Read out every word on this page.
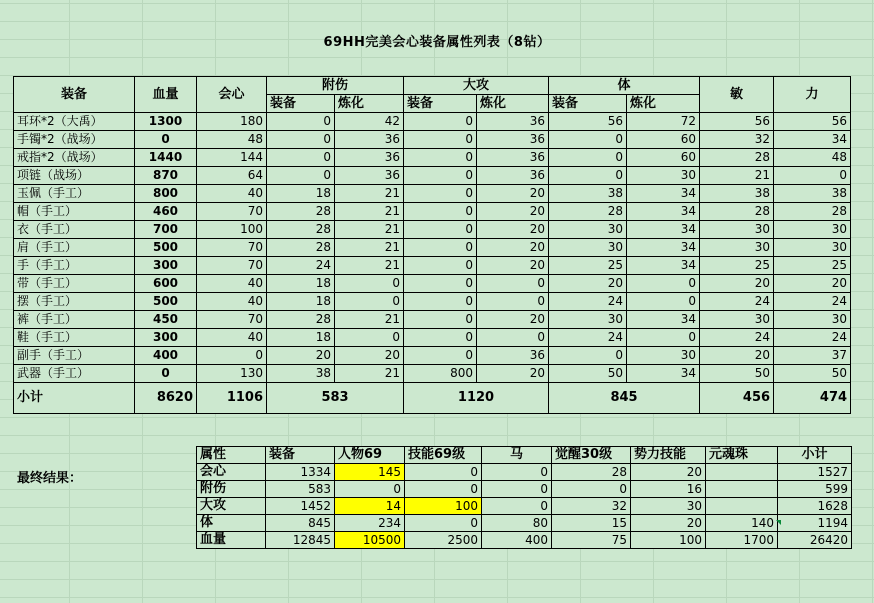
69HH完美会心装备属性列表（8钻）
装备	血量	会心	附伤		大攻		体		敏	力
			装备	炼化	装备	炼化	装备	炼化		
耳环*2（大禹）	1300	180	0	42	0	36	56	72	56	56
手镯*2（战场）	0	48	0	36	0	36	0	60	32	34
戒指*2（战场）	1440	144	0	36	0	36	0	60	28	48
项链（战场）	870	64	0	36	0	36	0	30	21	0
玉佩（手工）	800	40	18	21	0	20	38	34	38	38
帽（手工）	460	70	28	21	0	20	28	34	28	28
衣（手工）	700	100	28	21	0	20	30	34	30	30
肩（手工）	500	70	28	21	0	20	30	34	30	30
手（手工）	300	70	24	21	0	20	25	34	25	25
带（手工）	600	40	18	0	0	0	20	0	20	20
摆（手工）	500	40	18	0	0	0	24	0	24	24
裤（手工）	450	70	28	21	0	20	30	34	30	30
鞋（手工）	300	40	18	0	0	0	24	0	24	24
副手（手工）	400	0	20	20	0	36	0	30	20	37
武器（手工）	0	130	38	21	800	20	50	34	50	50
小计	8620	1106	583		1120		845		456	474
最终结果：
属性	装备	人物69	技能69级	马	觉醒30级	势力技能	元魂珠	小计
会心	1334	145	0	0	28	20		1527
附伤	583	0	0	0	0	16		599
大攻	1452	14	100	0	32	30		1628
体	845	234	0	80	15	20	140	1194
血量	12845	10500	2500	400	75	100	1700	26420
